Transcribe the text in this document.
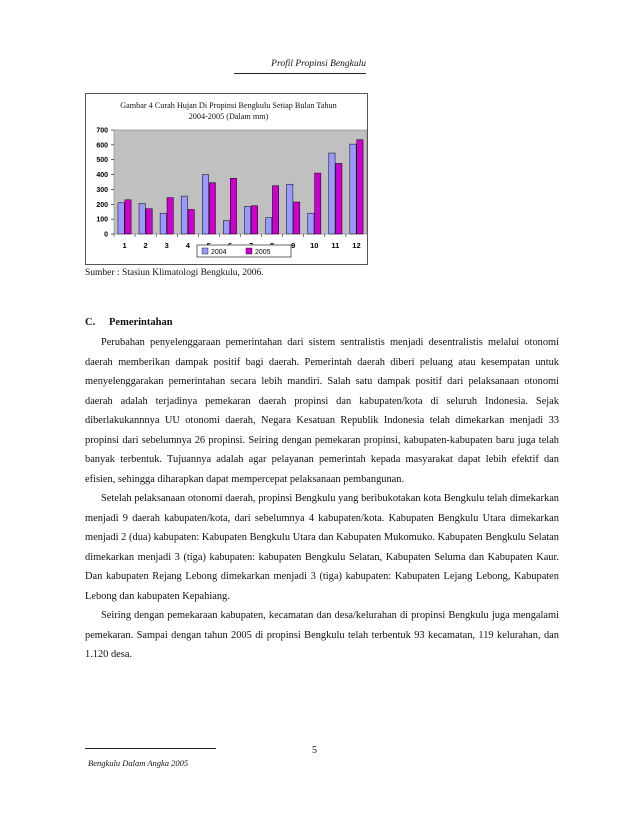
Profil Propinsi Bengkulu
Gambar 4 Curah Hujan Di Propinsi Bengkulu Setiap Bulan Tahun
2004-2005 (Dalam mm)
0
100
200
300
400
500
600
700
1 2 3 4	9 10 11 12
2004	2005
Sumber : Stasiun Klimatologi Bengkulu, 2006.
C. Pemerintahan

Perubahan penyelenggaraan pemerintahan dari sistem sentralistis menjadi desentralistis melalui otonomi daerah memberikan dampak positif bagi daerah. Pemerintah daerah diberi peluang atau kesempatan untuk menyelenggarakan pemerintahan secara lebih mandiri. Salah satu dampak positif dari pelaksanaan otonomi daerah adalah terjadinya pemekaran daerah propinsi dan kabupaten/kota di seluruh Indonesia. Sejak diberlakukannnya UU otonomi daerah, Negara Kesatuan Republik Indonesia telah dimekarkan menjadi 33 propinsi dari sebelumnya 26 propinsi. Seiring dengan pemekaran propinsi, kabupaten-kabupaten baru juga telah banyak terbentuk. Tujuannya adalah agar pelayanan pemerintah kepada masyarakat dapat lebih efektif dan efisien, sehingga diharapkan dapat mempercepat pelaksanaan pembangunan.

Setelah pelaksanaan otonomi daerah, propinsi Bengkulu yang beribukotakan kota Bengkulu telah dimekarkan menjadi 9 daerah kabupaten/kota, dari sebelumnya 4 kabupaten/kota. Kabupaten Bengkulu Utara dimekarkan menjadi 2 (dua) kabupaten: Kabupaten Bengkulu Utara dan Kabupaten Mukomuko. Kabupaten Bengkulu Selatan dimekarkan menjadi 3 (tiga) kabupaten: kabupaten Bengkulu Selatan, Kabupaten Seluma dan Kabupaten Kaur. Dan kabupaten Rejang Lebong dimekarkan menjadi 3 (tiga) kabupaten: Kabupaten Lejang Lebong, Kabupaten Lebong dan kabupaten Kepahiang.

Seiring dengan pemekaraan kabupaten, kecamatan dan desa/kelurahan di propinsi Bengkulu juga mengalami pemekaran. Sampai dengan tahun 2005 di propinsi Bengkulu telah terbentuk 93 kecamatan, 119 kelurahan, dan 1.120 desa.

5
Bengkulu Dalam Angka 2005
